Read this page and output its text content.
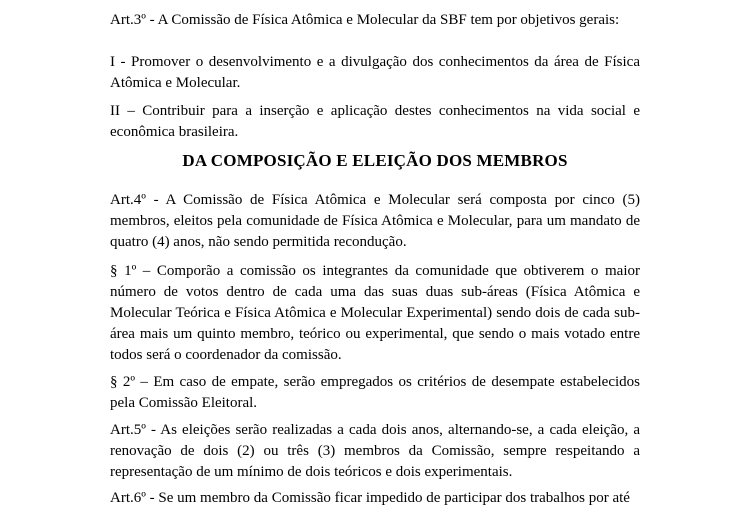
Art.3º - A Comissão de Física Atômica e Molecular da SBF tem por objetivos gerais:

I - Promover o desenvolvimento e a divulgação dos conhecimentos da área de Física Atômica e Molecular.

II – Contribuir para a inserção e aplicação destes conhecimentos na vida social e econômica brasileira.

DA COMPOSIÇÃO E ELEIÇÃO DOS MEMBROS

Art.4º - A Comissão de Física Atômica e Molecular será composta por cinco (5) membros, eleitos pela comunidade de Física Atômica e Molecular, para um mandato de quatro (4) anos, não sendo permitida recondução.

§ 1º – Comporão a comissão os integrantes da comunidade que obtiverem o maior número de votos dentro de cada uma das suas duas sub-áreas (Física Atômica e Molecular Teórica e Física Atômica e Molecular Experimental) sendo dois de cada sub-área mais um quinto membro, teórico ou experimental, que sendo o mais votado entre todos será o coordenador da comissão.

§ 2º – Em caso de empate, serão empregados os critérios de desempate estabelecidos pela Comissão Eleitoral.

Art.5º - As eleições serão realizadas a cada dois anos, alternando-se, a cada eleição, a renovação de dois (2) ou três (3) membros da Comissão, sempre respeitando a representação de um mínimo de dois teóricos e dois experimentais.

Art.6º - Se um membro da Comissão ficar impedido de participar dos trabalhos por até
